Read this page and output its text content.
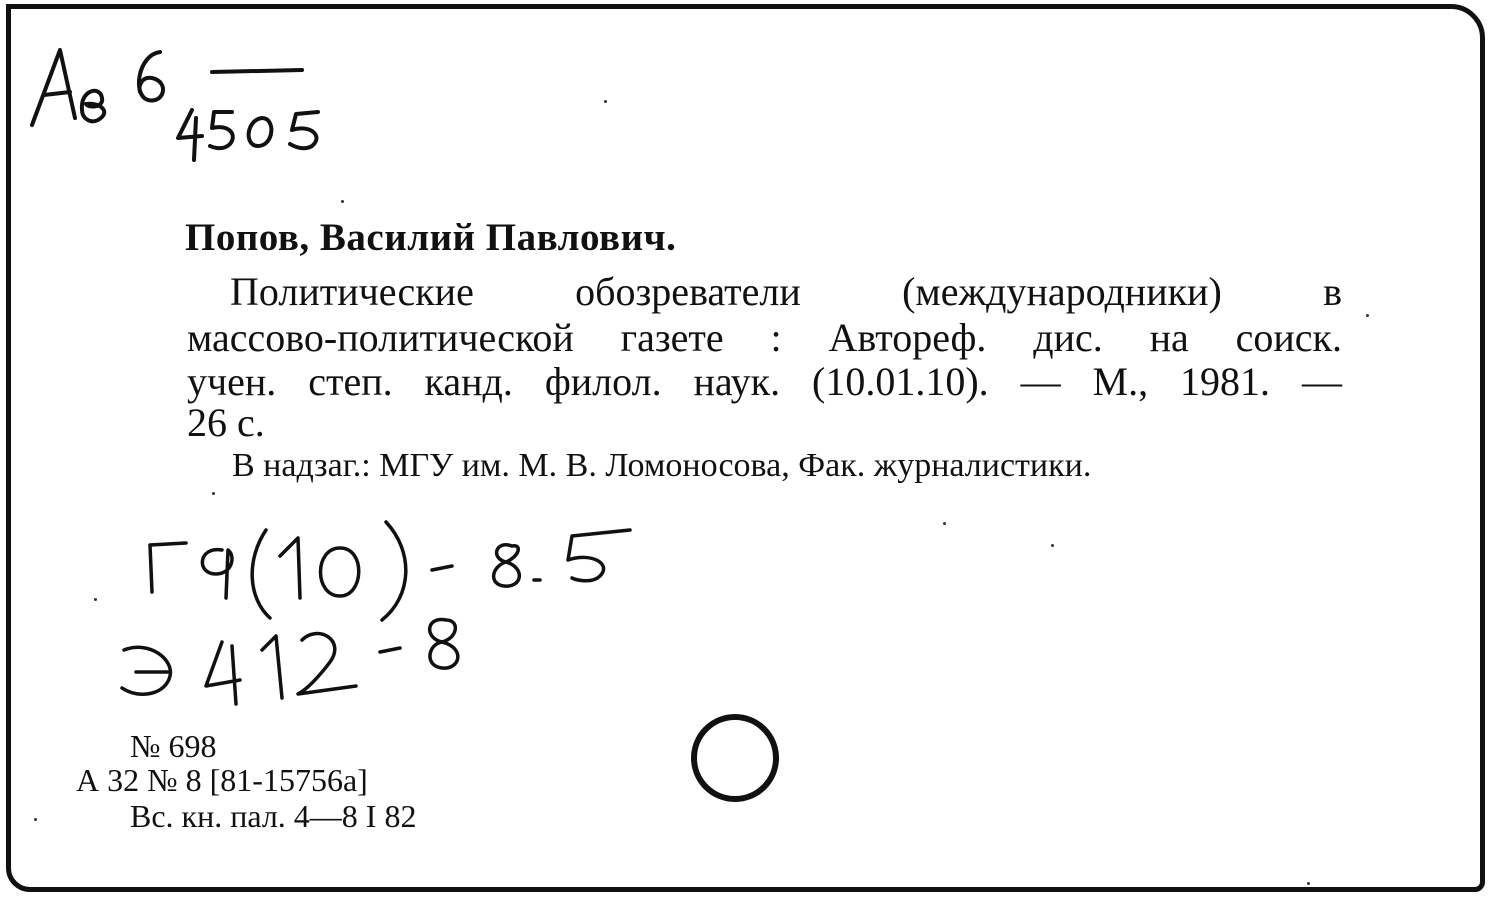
Попов, Василий Павлович.
Политические обозреватели (международники) в
массово-политической газете : Автореф. дис. на соиск.
учен. степ. канд. филол. наук. (10.01.10). — М., 1981. —
26 с.
В надзаг.: МГУ им. М. В. Ломоносова, Фак. журналистики.
№ 698
А 32 № 8 [81-15756а]
Вс. кн. пал. 4—8 I 82
